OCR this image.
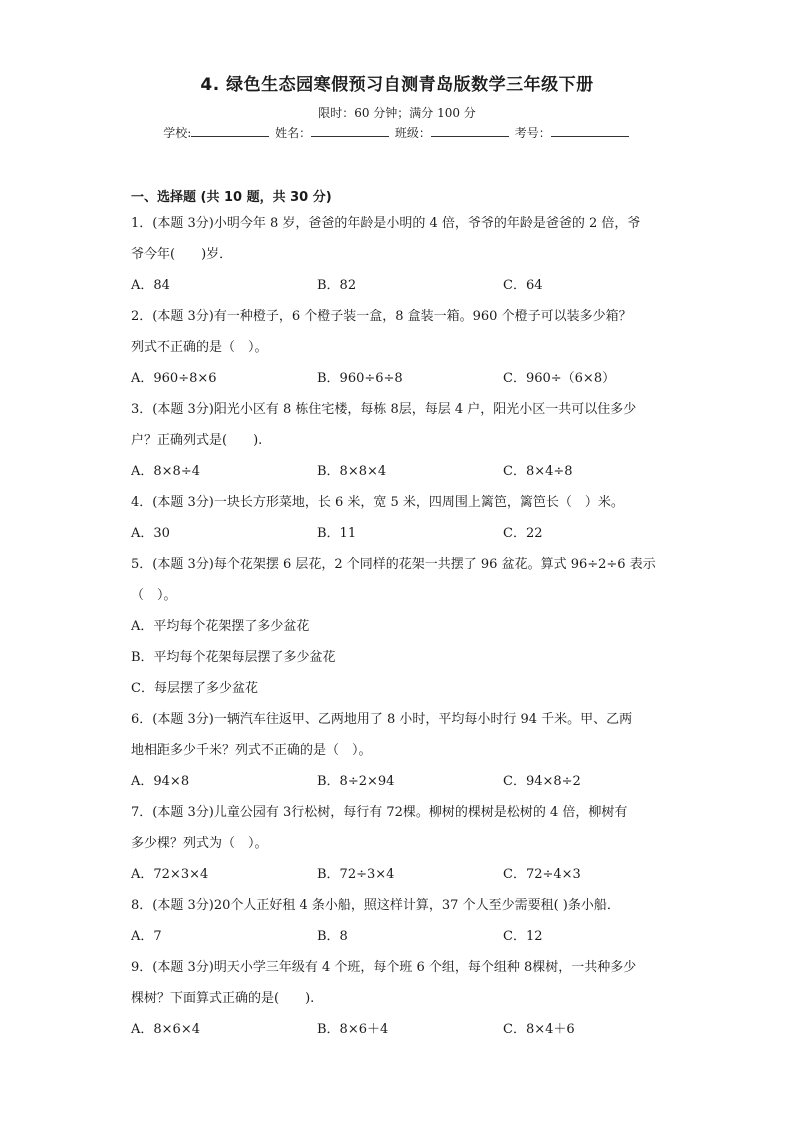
4. 绿色生态园寒假预习自测青岛版数学三年级下册
限时：60 分钟；满分 100 分
学校:	姓名：	班级：	考号：
一、选择题 (共 10 题，共 30 分)
1．(本题 3分)小明今年 8 岁，爸爸的年龄是小明的 4 倍，爷爷的年龄是爸爸的 2 倍，爷
爷今年(　　)岁．
A．84	B．82	C．64
2．(本题 3分)有一种橙子，6 个橙子装一盒，8 盒装一箱。960 个橙子可以装多少箱？
列式不正确的是（　）。
A．960÷8×6	B．960÷6÷8	C．960÷（6×8）
3．(本题 3分)阳光小区有 8 栋住宅楼，每栋 8层，每层 4 户，阳光小区一共可以住多少
户？正确列式是(　　).
A．8×8÷4	B．8×8×4	C．8×4÷8
4．(本题 3分)一块长方形菜地，长 6 米，宽 5 米，四周围上篱笆，篱笆长（　）米。
A．30	B．11	C．22
5．(本题 3分)每个花架摆 6 层花，2 个同样的花架一共摆了 96 盆花。算式 96÷2÷6 表示
（　）。
A．平均每个花架摆了多少盆花
B．平均每个花架每层摆了多少盆花
C．每层摆了多少盆花
6．(本题 3分)一辆汽车往返甲、乙两地用了 8 小时，平均每小时行 94 千米。甲、乙两
地相距多少千米？列式不正确的是（　）。
A．94×8	B．8÷2×94	C．94×8÷2
7．(本题 3分)儿童公园有 3行松树，每行有 72棵。柳树的棵树是松树的 4 倍，柳树有
多少棵？列式为（　）。
A．72×3×4	B．72÷3×4	C．72÷4×3
8．(本题 3分)20个人正好租 4 条小船，照这样计算，37 个人至少需要租( )条小船．
A．7	B．8	C．12
9．(本题 3分)明天小学三年级有 4 个班，每个班 6 个组，每个组种 8棵树，一共种多少
棵树？下面算式正确的是(　　).
A．8×6×4	B．8×6＋4	C．8×4＋6
